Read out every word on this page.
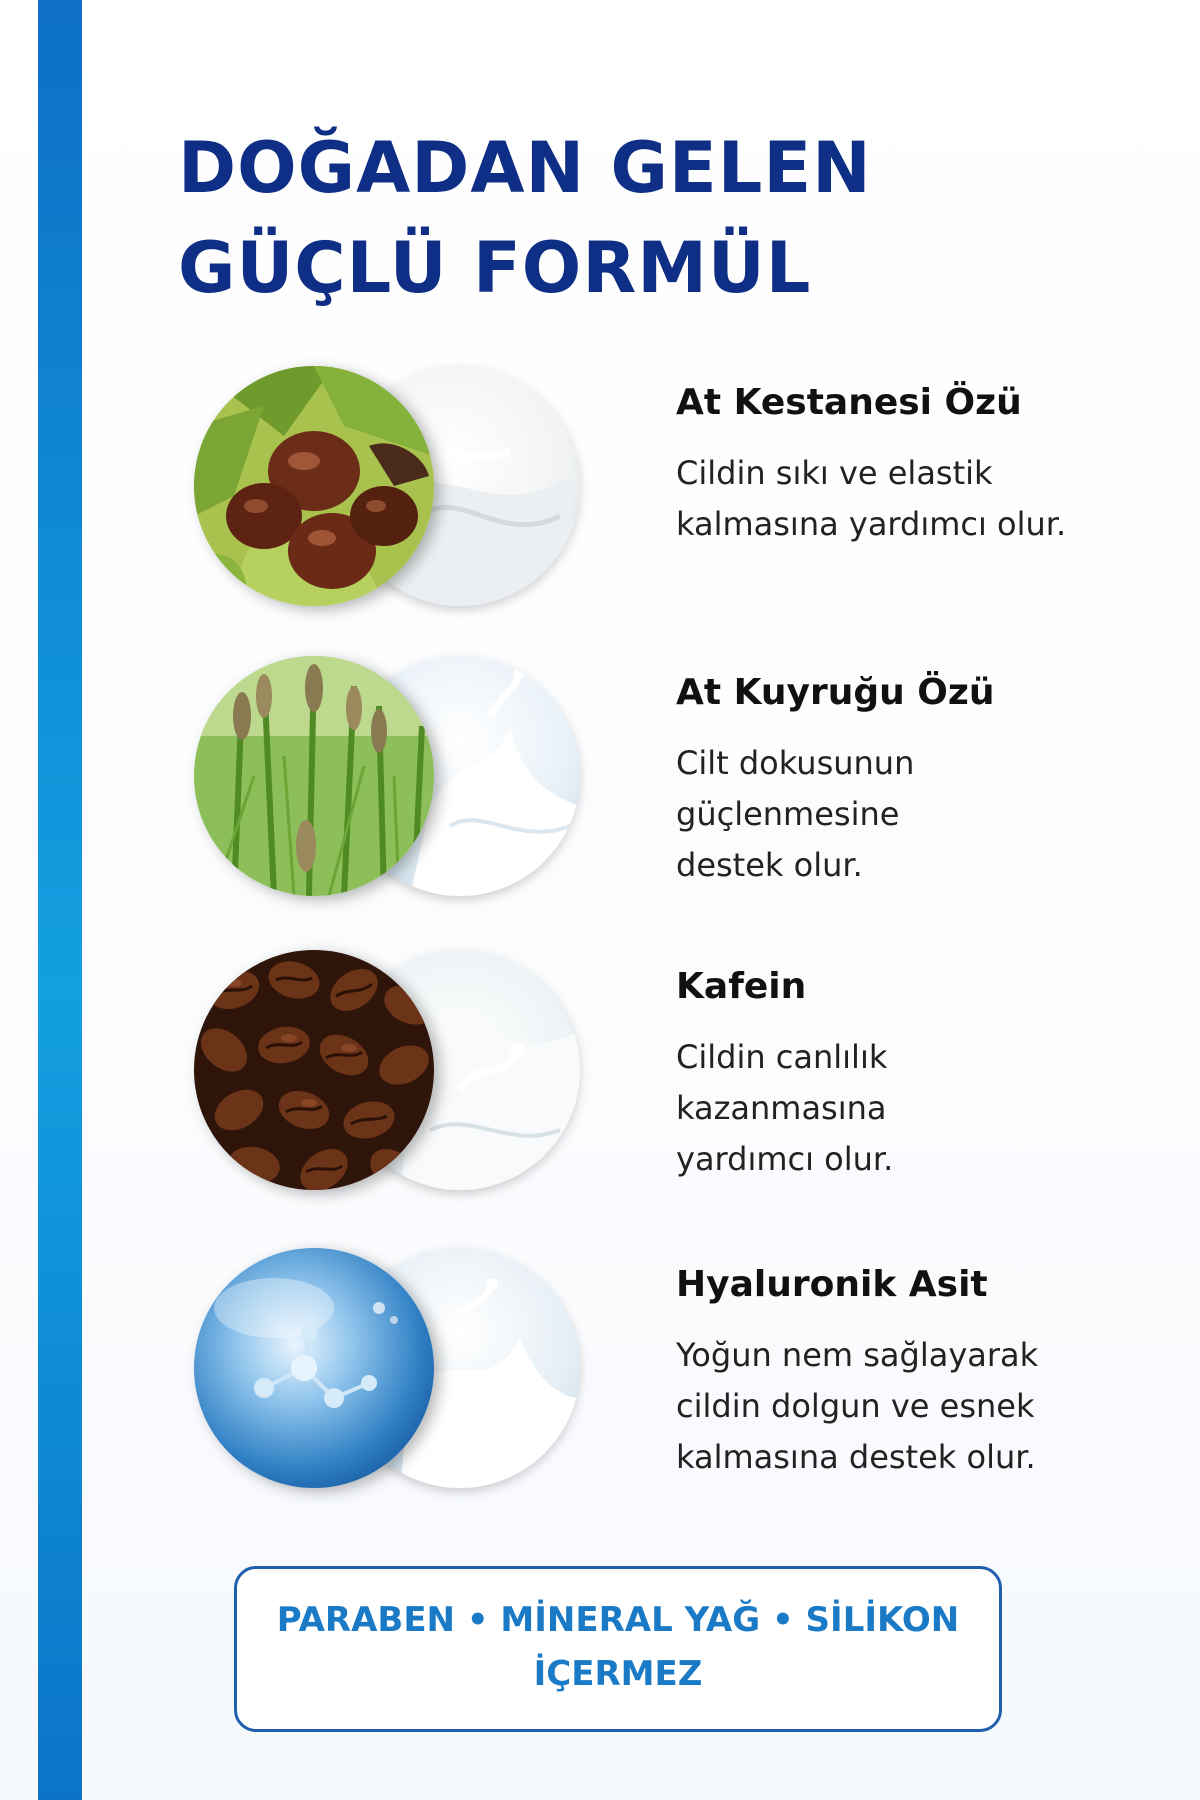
DOĞADAN GELEN
GÜÇLÜ FORMÜL
At Kestanesi Özü

Cildin sıkı ve elastik
kalmasına yardımcı olur.

At Kuyruğu Özü

Cilt dokusunun
güçlenmesine
destek olur.

Kafein

Cildin canlılık
kazanmasına
yardımcı olur.

Hyaluronik Asit

Yoğun nem sağlayarak
cildin dolgun ve esnek
kalmasına destek olur.

PARABEN • MİNERAL YAĞ • SİLİKON
İÇERMEZ
